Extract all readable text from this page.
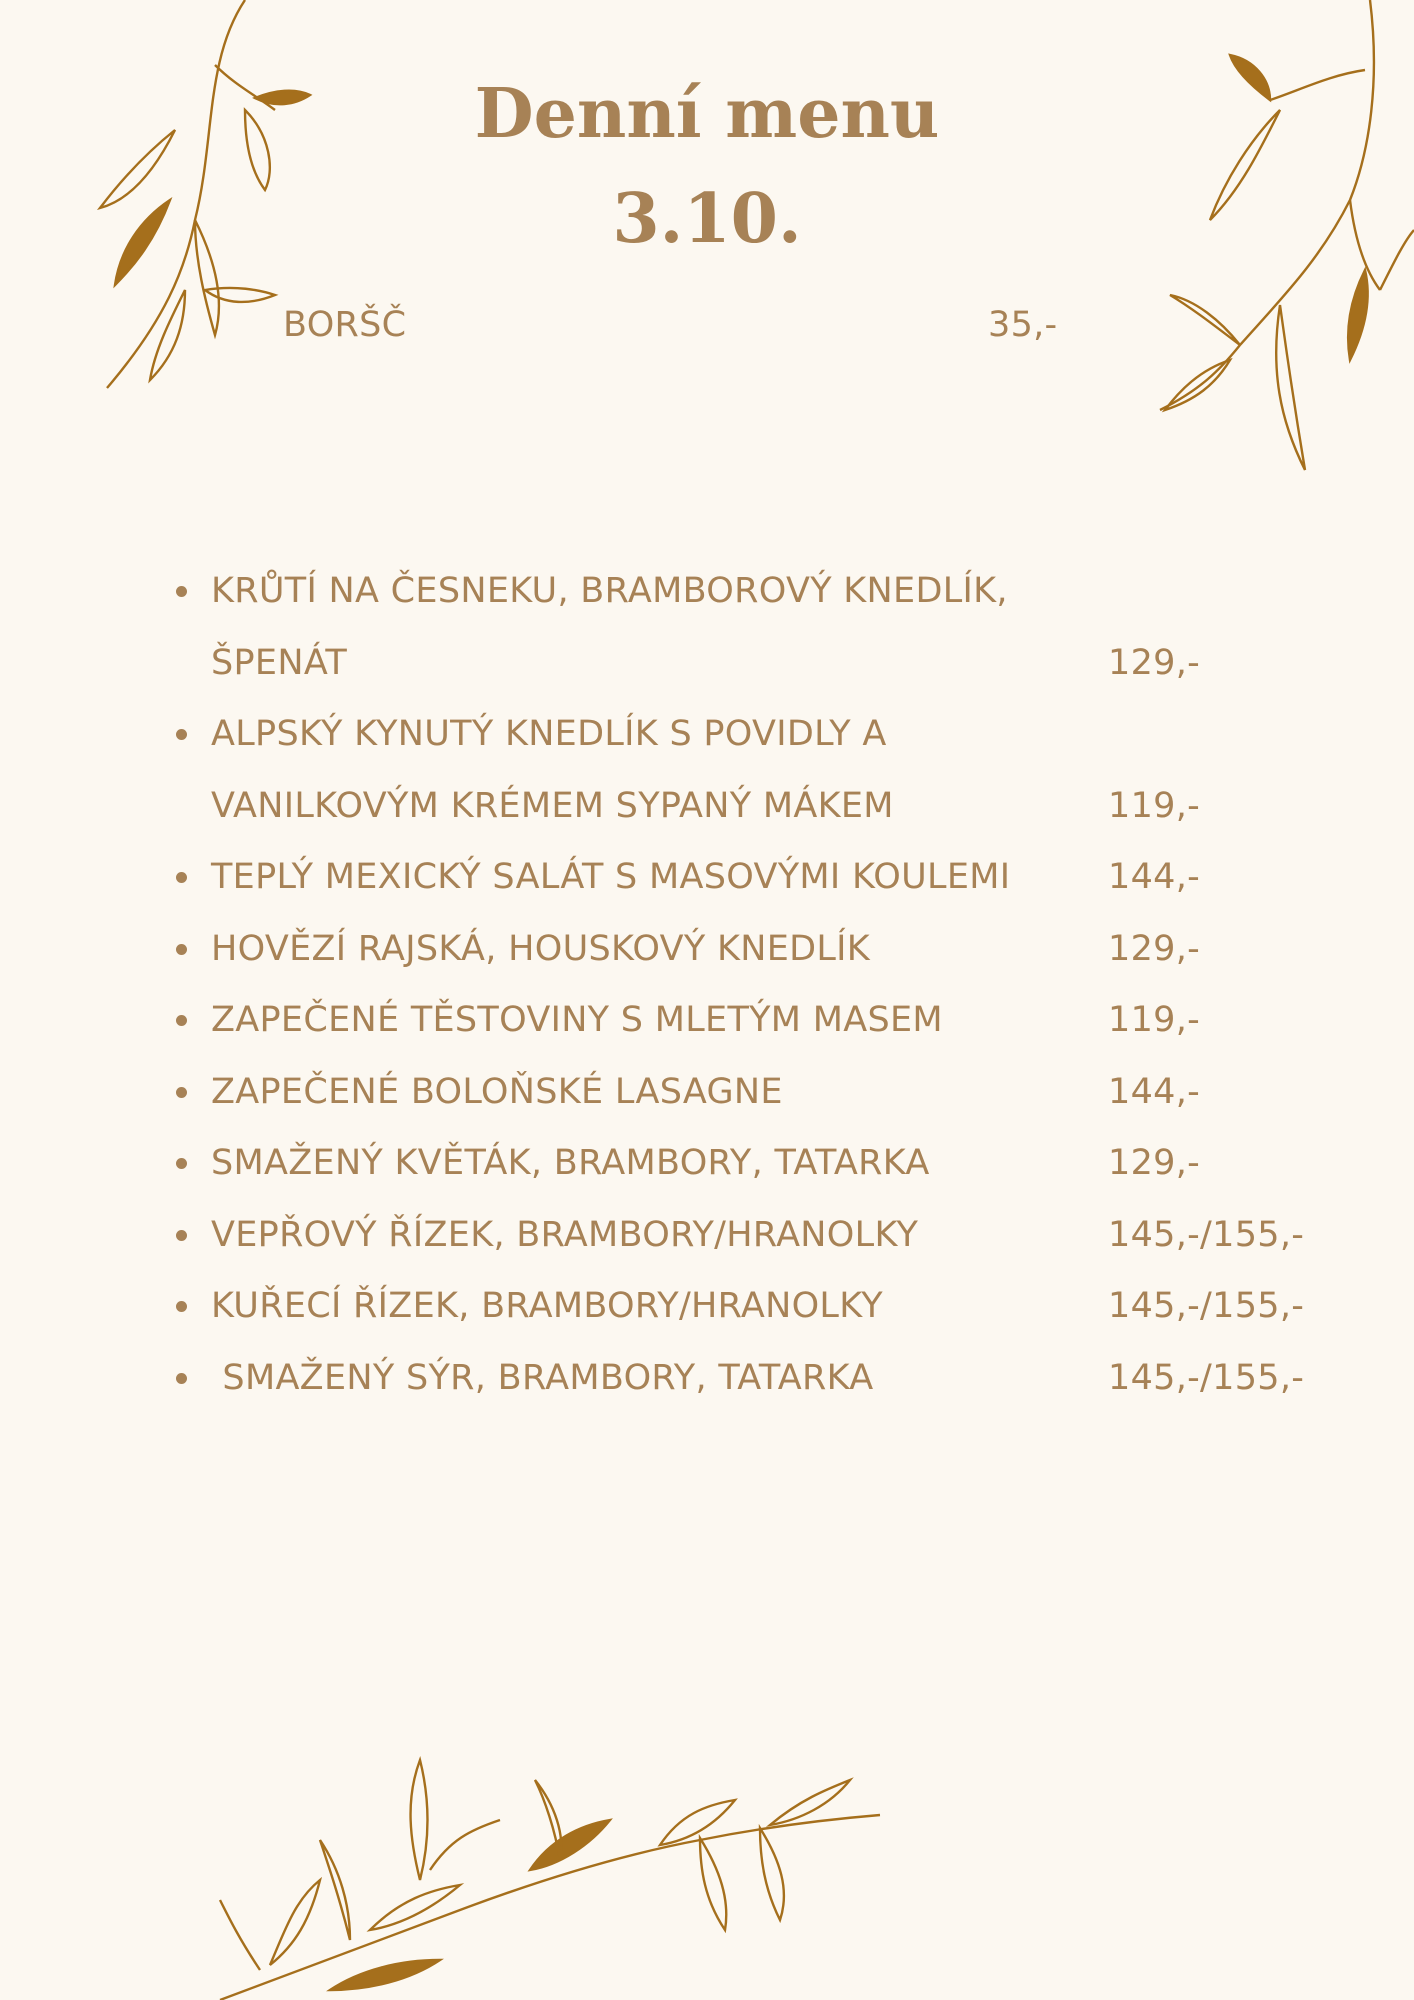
Denní menu
3.10.
BORŠČ	35,-
KRŮTÍ NA ČESNEKU, BRAMBOROVÝ KNEDLÍK, ŠPENÁT	129,-
ALPSKÝ KYNUTÝ KNEDLÍK S POVIDLY A VANILKOVÝM KRÉMEM SYPANÝ MÁKEM	119,-
TEPLÝ MEXICKÝ SALÁT S MASOVÝMI KOULEMI	144,-
HOVĚZÍ RAJSKÁ, HOUSKOVÝ KNEDLÍK	129,-
ZAPEČENÉ TĚSTOVINY S MLETÝM MASEM	119,-
ZAPEČENÉ BOLOŇSKÉ LASAGNE	144,-
SMAŽENÝ KVĚTÁK, BRAMBORY, TATARKA	129,-
VEPŘOVÝ ŘÍZEK, BRAMBORY/HRANOLKY	145,-/155,-
KUŘECÍ ŘÍZEK, BRAMBORY/HRANOLKY	145,-/155,-
SMAŽENÝ SÝR, BRAMBORY, TATARKA	145,-/155,-
